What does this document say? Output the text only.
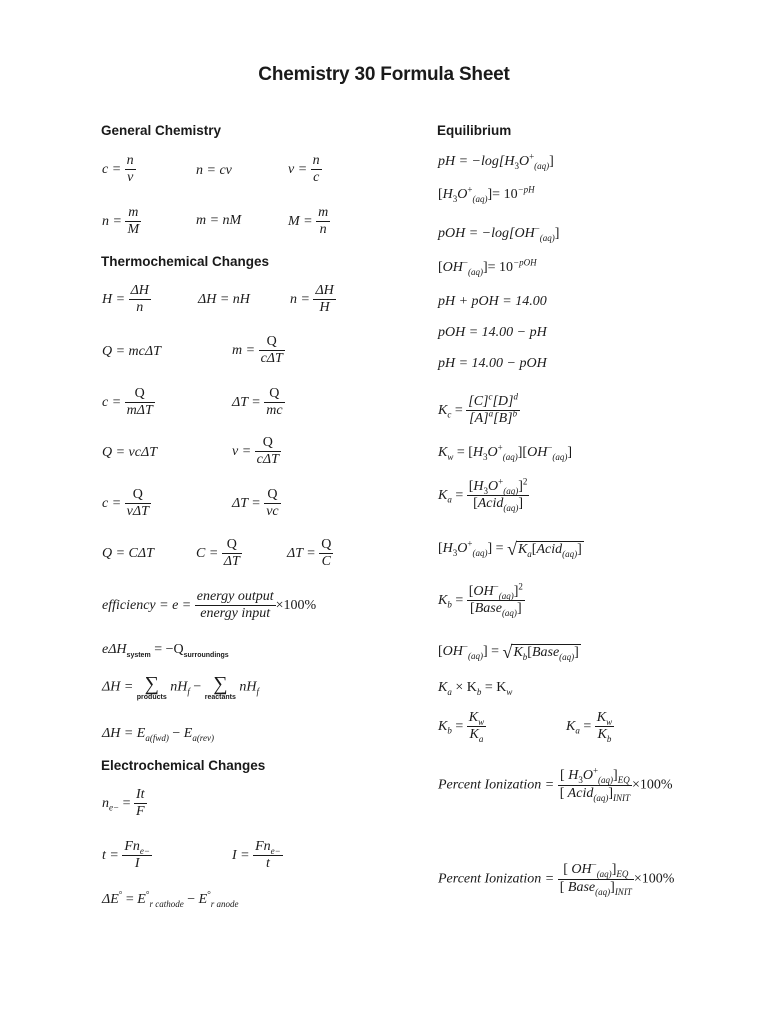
Chemistry 30 Formula Sheet
General Chemistry
$c = \frac{n}{v}$	n = cv	$v = \frac{n}{c}$
$n = \frac{m}{M}$	m = nM	$M = \frac{m}{n}$
Thermochemical Changes
$H = \frac{\Delta H}{n}$	ΔH = nH	$n = \frac{\Delta H}{H}$
Q = mcΔT	$m = \frac{Q}{\text{cΔT}}$
$c = \frac{Q}{\text{mΔT}}$	$\Delta T = \frac{Q}{mc}$
Q = vcΔT	$v = \frac{Q}{\text{cΔT}}$
$c = \frac{Q}{\text{vΔT}}$	$\Delta T = \frac{Q}{vc}$
Q = CΔT	$C = \frac{Q}{\Delta T}$	$\Delta T = \frac{Q}{C}$
efficiency = $e = \frac{\text{energy output}}{\text{energy input}} \times 100\%$
$e\Delta H_{system} = -Q_{surroundings}$
ΔH = ∑
products
$nH_f$ − ∑
reactants
$nH_f$
$\Delta H = E_{a(fwd)} - E_{a(rev)}$
Electrochemical Changes
$n_{e-} = \frac{It}{F}$
$t = \frac{Fn_{e-}}{I}$	$I = \frac{Fn_{e-}}{t}$
$\Delta E^\circ = E^\circ_{r cathode} - E^\circ_{r anode}$
Equilibrium
pH = $-\log[H_3O^+_{(aq)}]$
$[H_3O^+_{(aq)}]= 10^{-pH}$
pOH = $-\log[OH^-_{(aq)}]$
$[OH^-_{(aq)}]= 10^{-pOH}$
pH + pOH = 14.00
pOH = 14.00 − pH
pH = 14.00 − pOH
$K_c = \frac{[C]^c[D]^d}{[A]^a[B]^b}$
$K_w = [H_3O^+_{(aq)}][OH^-_{(aq)}]$
$K_a = \frac{[H_3O^+_{(aq)}]^2}{[Acid_{(aq)}]}$
$[H_3O^+_{(aq)}]$ = $√K_a[Acid_{(aq)}]$
$K_b = \frac{[OH^-_{(aq)}]^2}{[Base_{(aq)}]}$
$[OH^-_{(aq)}]$ = $√K_b[Base_{(aq)}]$
$K_a \times K_b = K_w$
$K_b = \frac{K_w}{K_a}$	$K_a = \frac{K_w}{K_b}$
Percent Ionization =
[ $H_3O^+_{(aq)}]_{EQ}$
[ $Acid_{(aq)}]_{INIT}$
×100%
Percent Ionization =
[ $OH^-_{(aq)}]_{EQ}$
[ $Base_{(aq)}]_{INIT}$
×100%
